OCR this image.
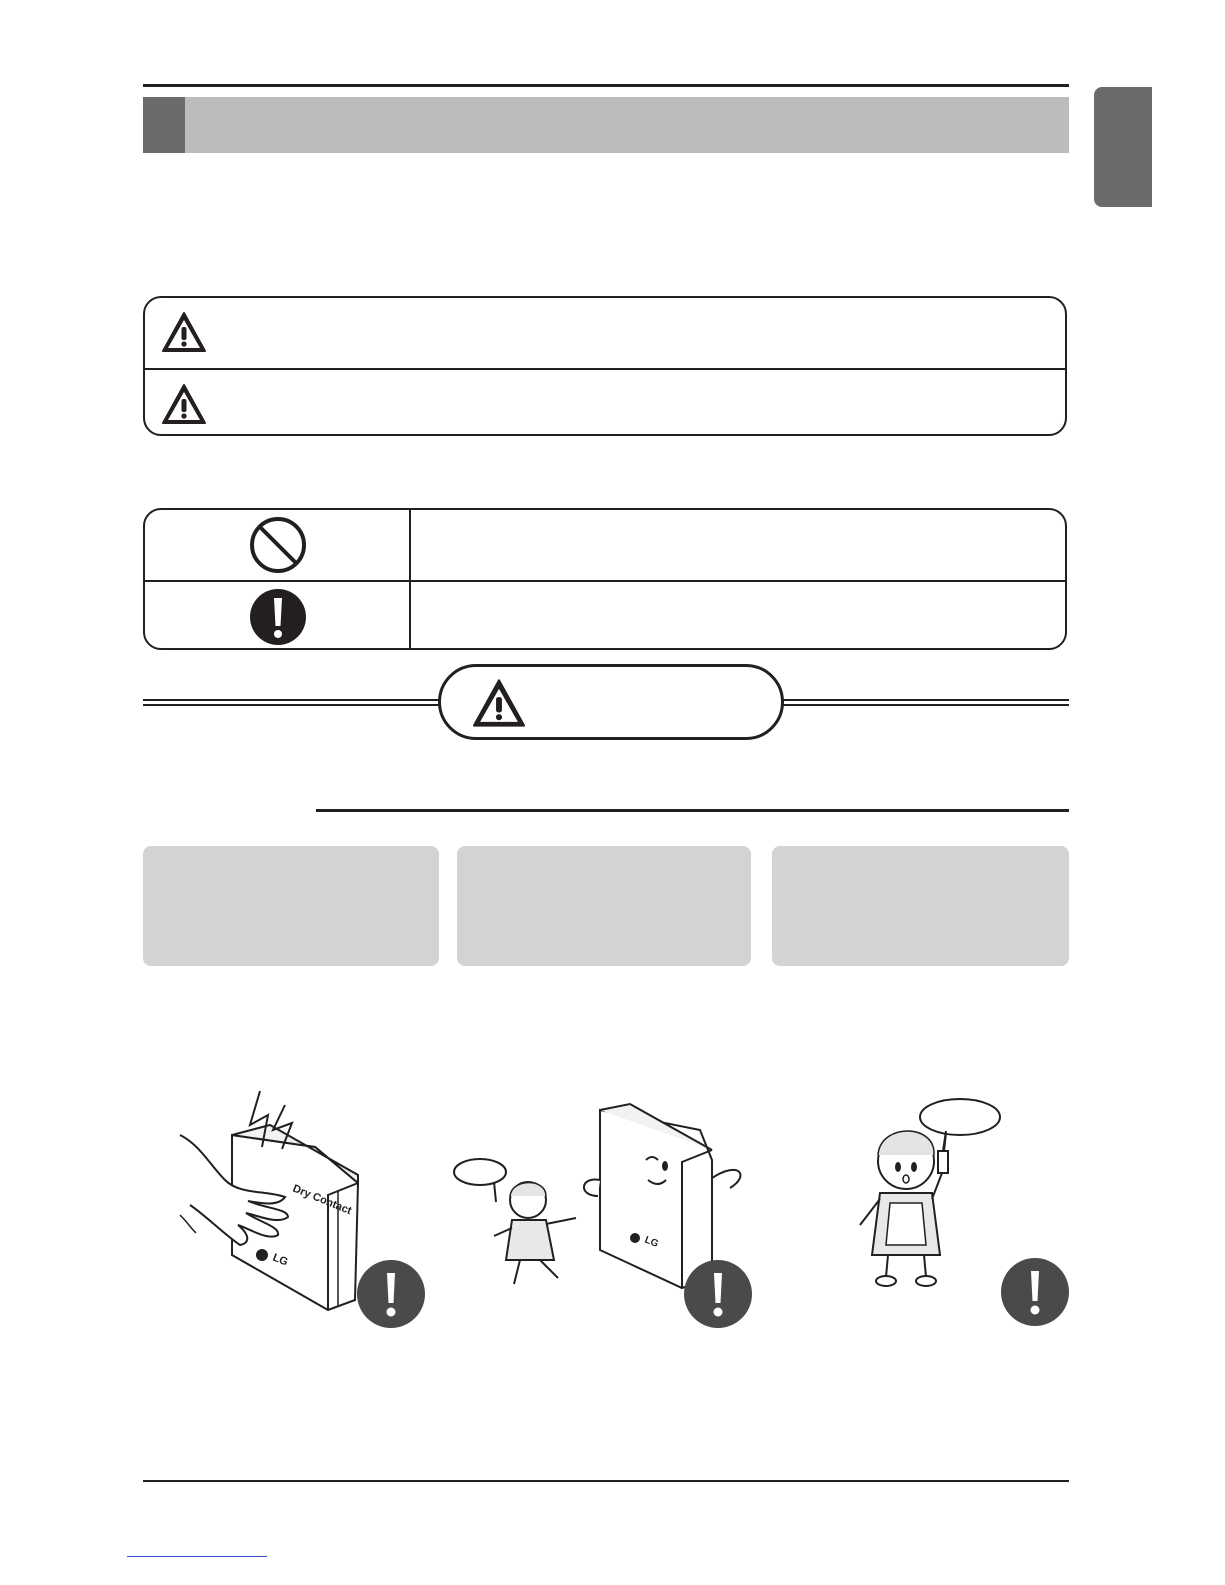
Dry Contact
LG
LG
